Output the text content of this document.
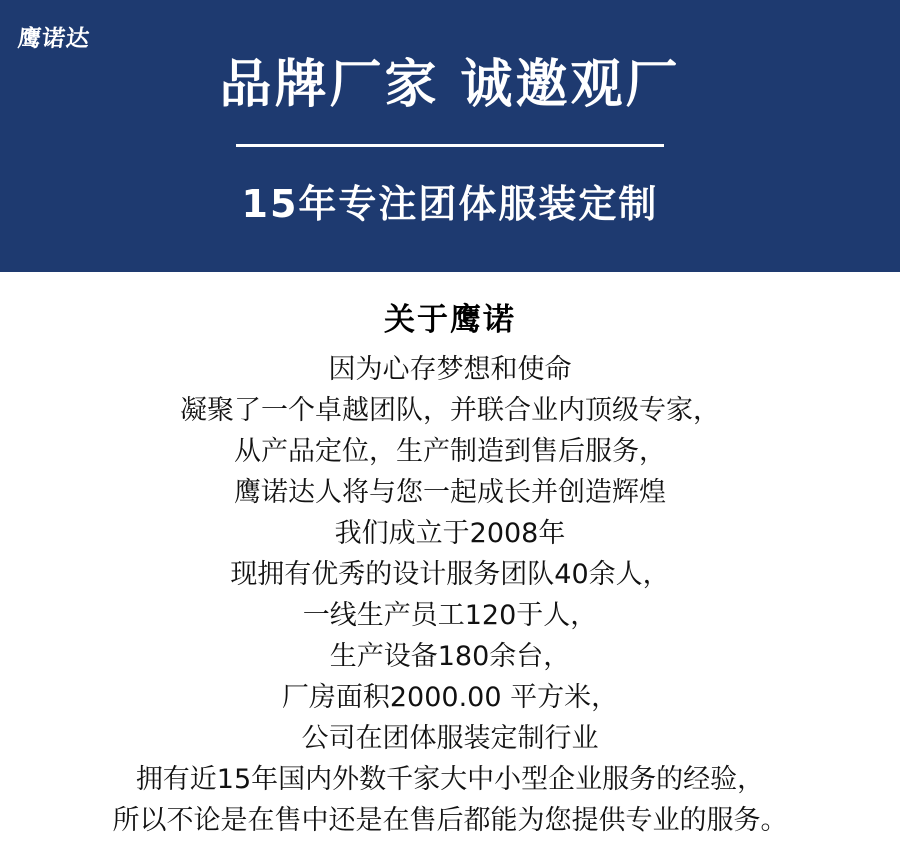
鹰诺达
品牌厂家 诚邀观厂
15年专注团体服装定制
关于鹰诺
因为心存梦想和使命
凝聚了一个卓越团队，并联合业内顶级专家，
从产品定位，生产制造到售后服务，
鹰诺达人将与您一起成长并创造辉煌
我们成立于2008年
现拥有优秀的设计服务团队40余人，
一线生产员工120于人，
生产设备180余台，
厂房面积2000.00 平方米，
公司在团体服装定制行业
拥有近15年国内外数千家大中小型企业服务的经验，
所以不论是在售中还是在售后都能为您提供专业的服务。
